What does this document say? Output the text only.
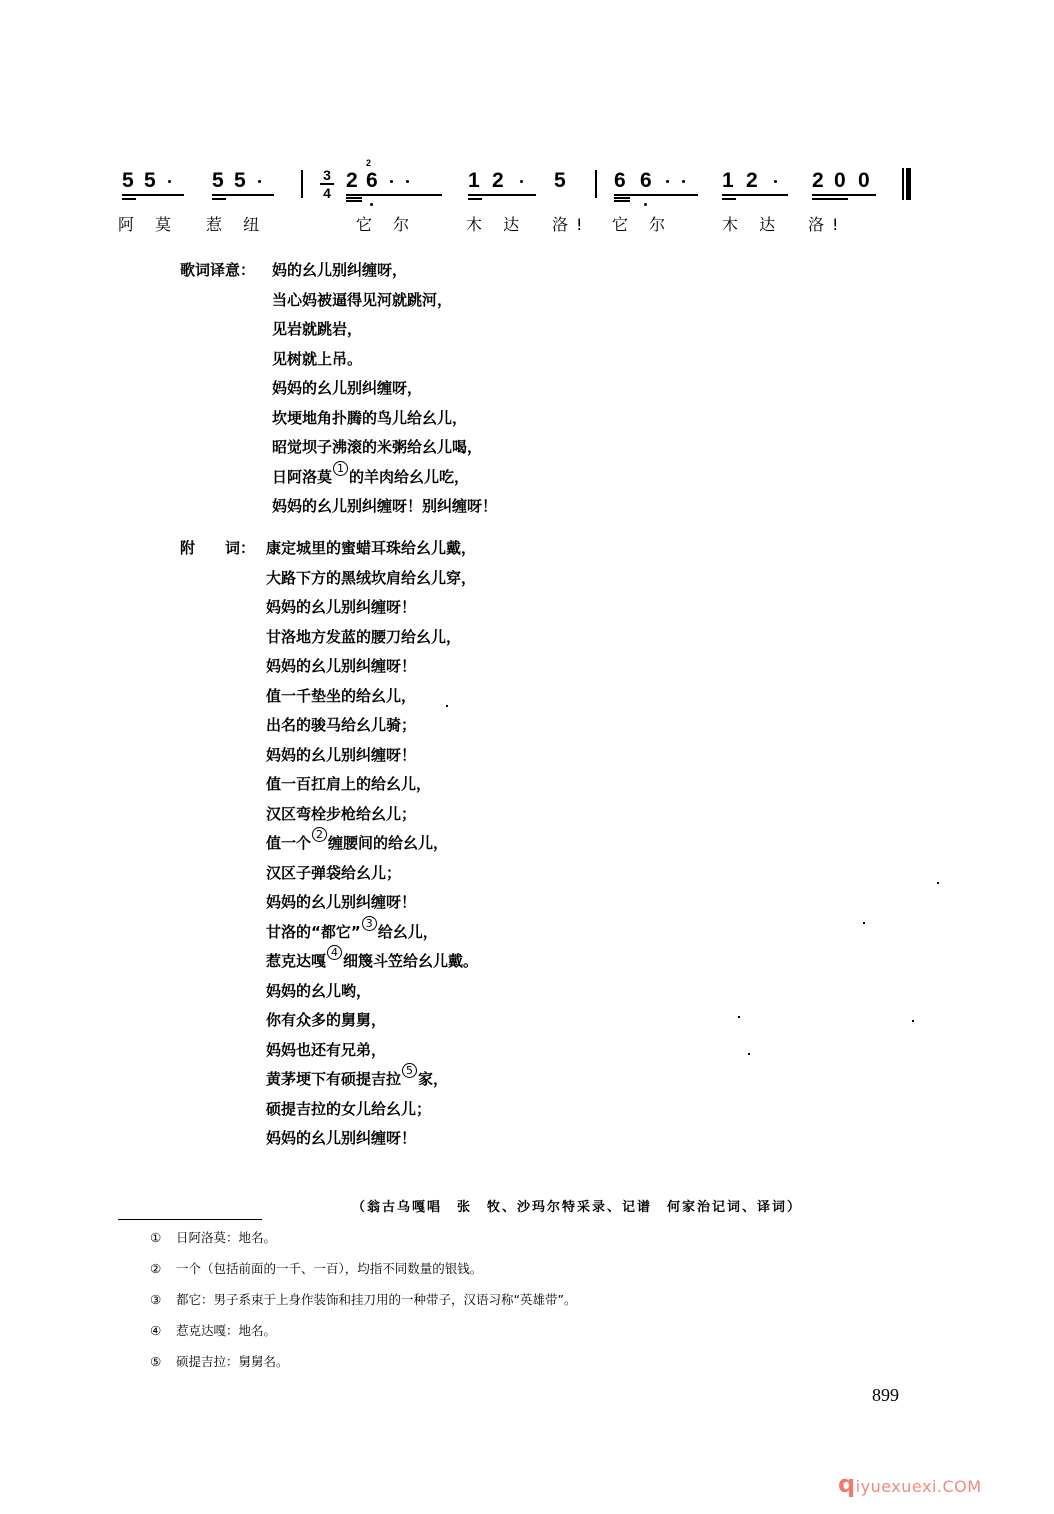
5 5	5 5
阿 莫 惹 纽
3
4
2
2
6	1 2 5
它 尔	木 达 洛!
6 6	1 2	2 0 0
它 尔	木 达 洛!
歌词译意： 妈的幺儿别纠缠呀，
当心妈被逼得见河就跳河，
见岩就跳岩，
见树就上吊。
妈妈的幺儿别纠缠呀，
坎埂地角扑腾的鸟儿给幺儿，
昭觉坝子沸滚的米粥给幺儿喝，
日阿洛莫 1 的羊肉给幺儿吃，
妈妈的幺儿别纠缠呀！别纠缠呀！
附　　词： 康定城里的蜜蜡耳珠给幺儿戴，
大路下方的黑绒坎肩给幺儿穿，
妈妈的幺儿别纠缠呀！
甘洛地方发蓝的腰刀给幺儿，
妈妈的幺儿别纠缠呀！
值一千垫坐的给幺儿，
出名的骏马给幺儿骑；
妈妈的幺儿别纠缠呀！
值一百扛肩上的给幺儿，
汉区弯栓步枪给幺儿；
值一个 2 缠腰间的给幺儿，
汉区子弹袋给幺儿；
妈妈的幺儿别纠缠呀！
甘洛的“都它” 3 给幺儿，
惹克达嘎 4 细篾斗笠给幺儿戴。
妈妈的幺儿哟，
你有众多的舅舅，
妈妈也还有兄弟，
黄茅埂下有硕提吉拉 5 家，
硕提吉拉的女儿给幺儿；
妈妈的幺儿别纠缠呀！
（翁古乌嘎唱　张　牧、沙玛尔特采录、记谱　何家治记词、译词）
① 日阿洛莫：地名。
② 一个（包括前面的一千、一百），均指不同数量的银钱。
③ 都它：男子系束于上身作装饰和挂刀用的一种带子，汉语习称“英雄带”。
④ 惹克达嘎：地名。
⑤ 硕提吉拉：舅舅名。
899
qiyuexuexi.COM
